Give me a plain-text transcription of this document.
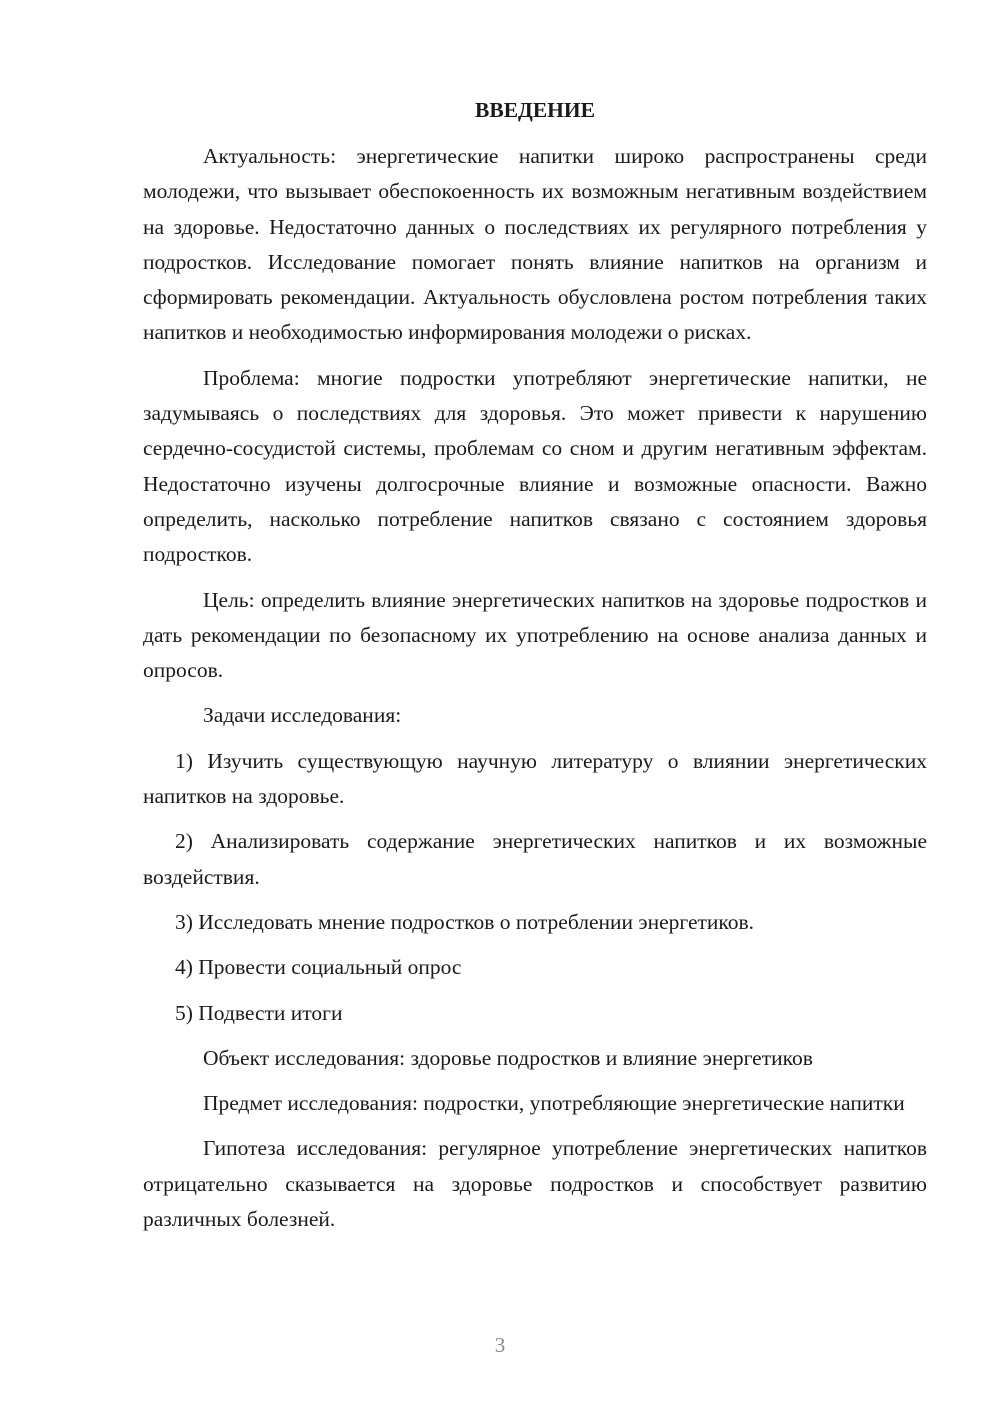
ВВЕДЕНИЕ

Актуальность: энергетические напитки широко распространены среди молодежи, что вызывает обеспокоенность их возможным негативным воздействием на здоровье. Недостаточно данных о последствиях их регулярного потребления у подростков. Исследование помогает понять влияние напитков на организм и сформировать рекомендации. Актуальность обусловлена ростом потребления таких напитков и необходимостью информирования молодежи о рисках.

Проблема: многие подростки употребляют энергетические напитки, не задумываясь о последствиях для здоровья. Это может привести к нарушению сердечно-сосудистой системы, проблемам со сном и другим негативным эффектам. Недостаточно изучены долгосрочные влияние и возможные опасности. Важно определить, насколько потребление напитков связано с состоянием здоровья подростков.

Цель: определить влияние энергетических напитков на здоровье подростков и дать рекомендации по безопасному их употреблению на основе анализа данных и опросов.

Задачи исследования:

1) Изучить существующую научную литературу о влиянии энергетических напитков на здоровье.

2) Анализировать содержание энергетических напитков и их возможные воздействия.

3) Исследовать мнение подростков о потреблении энергетиков.

4) Провести социальный опрос

5) Подвести итоги

Объект исследования: здоровье подростков и влияние энергетиков

Предмет исследования: подростки, употребляющие энергетические напитки

Гипотеза исследования: регулярное употребление энергетических напитков отрицательно сказывается на здоровье подростков и способствует развитию различных болезней.

3
